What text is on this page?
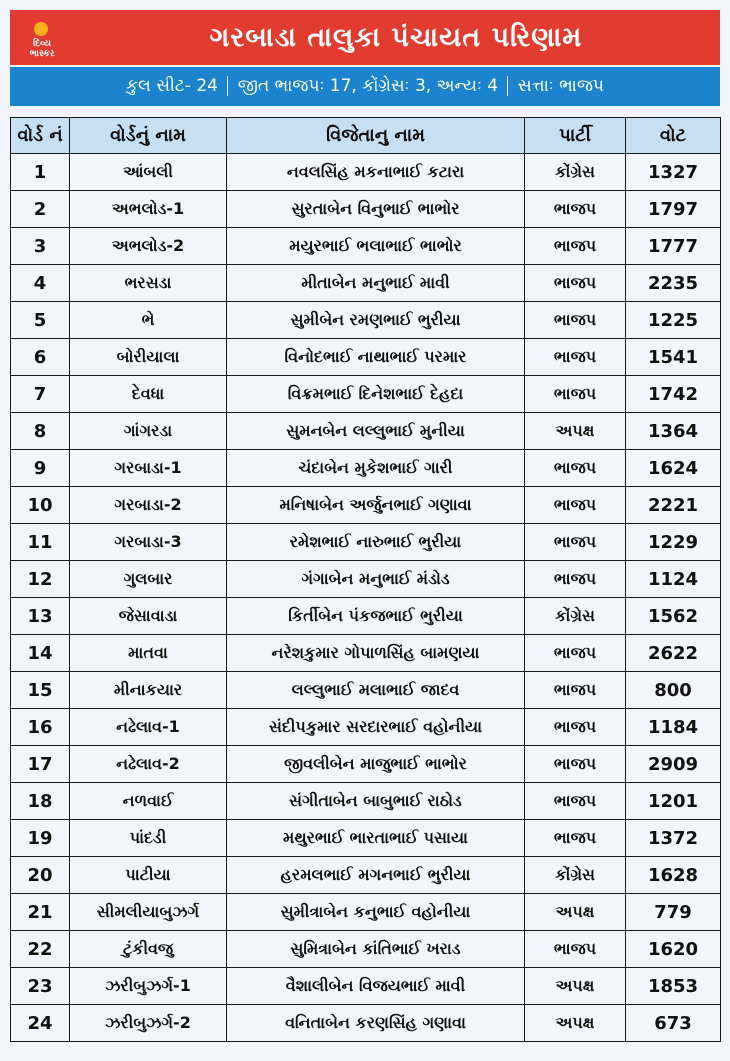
દિવ્ય ભાસ્કર
ગરબાડા તાલુકા પંચાયત પરિણામ
કુલ સીટ- 24 જીત ભાજપઃ 17, કોંગ્રેસઃ 3, અન્યઃ 4 સત્તાઃ ભાજપ
વોર્ડ નં	વોર્ડનું નામ	વિજેતાનુ નામ	પાર્ટી	વોટ
1	આંબલી	નવલસિંહ મકનાભાઈ કટારા	કોંગ્રેસ	1327
2	અભલોડ-1	સુરતાબેન વિનુભાઈ ભાભોર	ભાજપ	1797
3	અભલોડ-2	મયુરભાઈ ભલાભાઈ ભાભોર	ભાજપ	1777
4	ભરસડા	મીતાબેન મનુભાઈ માવી	ભાજપ	2235
5	ભે	સુમીબેન રમણભાઈ ભુરીયા	ભાજપ	1225
6	બોરીયાલા	વિનોદભાઈ નાથાભાઈ પરમાર	ભાજપ	1541
7	દેવધા	વિક્રમભાઈ દિનેશભાઈ દેહદા	ભાજપ	1742
8	ગાંગરડા	સુમનબેન લલ્લુભાઈ મુનીયા	અપક્ષ	1364
9	ગરબાડા-1	ચંદાબેન મુકેશભાઈ ગારી	ભાજપ	1624
10	ગરબાડા-2	મનિષાબેન અર્જુનભાઈ ગણાવા	ભાજપ	2221
11	ગરબાડા-3	રમેશભાઈ નારુભાઈ ભુરીયા	ભાજપ	1229
12	ગુલબાર	ગંગાબેન મનુભાઈ મંડોડ	ભાજપ	1124
13	જેસાવાડા	કિર્તીબેન પંકજભાઈ ભુરીયા	કોંગ્રેસ	1562
14	માતવા	નરેશકુમાર ગોપાળસિંહ બામણયા	ભાજપ	2622
15	મીનાકયાર	લલ્લુભાઈ મલાભાઈ જાદવ	ભાજપ	800
16	નઢેલાવ-1	સંદીપકુમાર સરદારભાઈ વહોનીયા	ભાજપ	1184
17	નઢેલાવ-2	જીવલીબેન માજુભાઈ ભાભોર	ભાજપ	2909
18	નળવાઈ	સંગીતાબેન બાબુભાઈ રાઠોડ	ભાજપ	1201
19	પાંદડી	મથુરભાઈ ભારતાભાઈ પસાયા	ભાજપ	1372
20	પાટીયા	હરમલભાઈ મગનભાઈ ભુરીયા	કોંગ્રેસ	1628
21	સીમલીયાબુઝર્ગ	સુમીત્રાબેન કનુભાઈ વહોનીયા	અપક્ષ	779
22	ટુંકીવજુ	સુમિત્રાબેન કાંતિભાઈ ખરાડ	ભાજપ	1620
23	ઝરીબુઝર્ગ-1	વૈશાલીબેન વિજયભાઈ માવી	અપક્ષ	1853
24	ઝરીબુઝર્ગ-2	વનિતાબેન કરણસિંહ ગણાવા	અપક્ષ	673
